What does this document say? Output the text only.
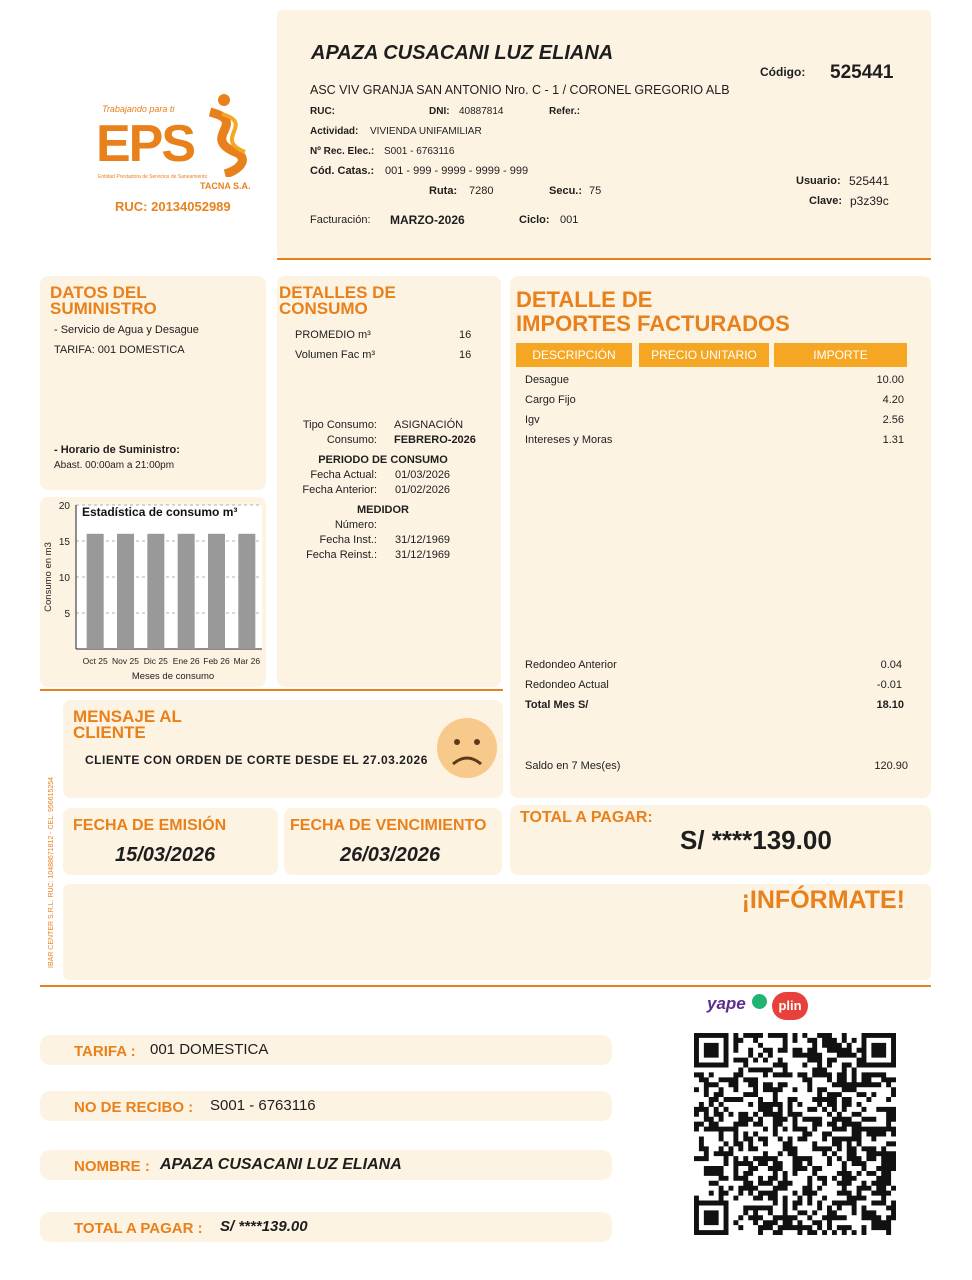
Trabajando para ti
EPS
Entidad Prestadora de Servicios de Saneamiento
TACNA S.A.
RUC: 20134052989
APAZA CUSACANI LUZ ELIANA
Código: 525441
ASC VIV GRANJA SAN ANTONIO Nro. C - 1 / CORONEL GREGORIO ALB
RUC:	DNI: 40887814	Refer.:
Actividad: VIVIENDA UNIFAMILIAR
Nº Rec. Elec.: S001 - 6763116
Cód. Catas.: 001 - 999 - 9999 - 9999 - 999
Ruta: 7280	Secu.: 75
Usuario: 525441
Clave: p3z39c
Facturación: MARZO-2026	Ciclo: 001
DATOS DEL
SUMINISTRO
- Servicio de Agua y Desague
TARIFA: 001 DOMESTICA
- Horario de Suministro:
Abast. 00:00am a 21:00pm
5
10
15
20
Oct 25 Nov 25 Dic 25 Ene 26 Feb 26 Mar 26
Estadística de consumo m³
Meses de consumo
Consumo en m3
DETALLES DE
CONSUMO
PROMEDIO m³	16
Volumen Fac m³	16
Tipo Consumo: ASIGNACIÓN
Consumo: FEBRERO-2026
PERIODO DE CONSUMO
Fecha Actual: 01/03/2026
Fecha Anterior: 01/02/2026
MEDIDOR
Número:
Fecha Inst.: 31/12/1969
Fecha Reinst.: 31/12/1969
DETALLE DE
IMPORTES FACTURADOS
DESCRIPCIÓN	PRECIO UNITARIO	IMPORTE
Desague	10.00
Cargo Fijo	4.20
Igv	2.56
Intereses y Moras	1.31
Redondeo Anterior	0.04
Redondeo Actual	-0.01
Total Mes S/	18.10
Saldo en 7 Mes(es)	120.90
MENSAJE AL
CLIENTE
CLIENTE CON ORDEN DE CORTE DESDE EL 27.03.2026
IBAR CENTER S.R.L. RUC: 10488671812 - CEL: 956615254 FECHA DE EMISIÓN
15/03/2026
FECHA DE VENCIMIENTO
26/03/2026
TOTAL A PAGAR:
S/ ****139.00
¡INFÓRMATE!
yape	plin
TARIFA : 001 DOMESTICA
NO DE RECIBO : S001 - 6763116
NOMBRE : APAZA CUSACANI LUZ ELIANA
TOTAL A PAGAR : S/ ****139.00
